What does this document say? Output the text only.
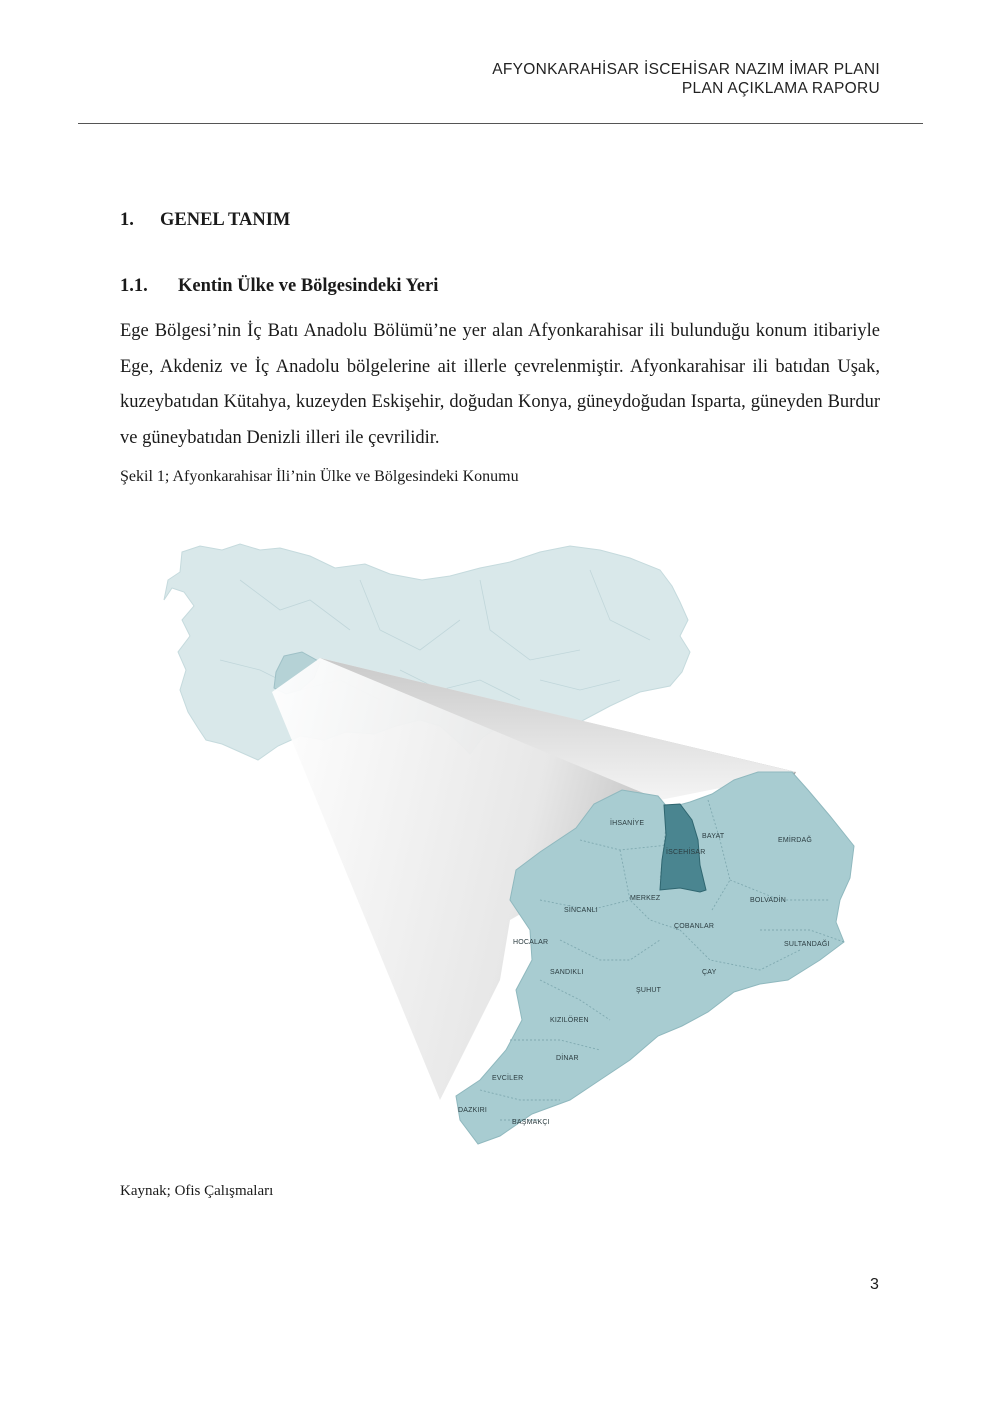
AFYONKARAHİSAR İSCEHİSAR NAZIM İMAR PLANI
PLAN AÇIKLAMA RAPORU
1. GENEL TANIM
1.1. Kentin Ülke ve Bölgesindeki Yeri
Ege Bölgesi’nin İç Batı Anadolu Bölümü’ne yer alan Afyonkarahisar ili bulunduğu konum itibariyle Ege, Akdeniz ve İç Anadolu bölgelerine ait illerle çevrelenmiştir. Afyonkarahisar ili batıdan Uşak, kuzeybatıdan Kütahya, kuzeyden Eskişehir, doğudan Konya, güneydoğudan Isparta, güneyden Burdur ve güneybatıdan Denizli illeri ile çevrilidir.
Şekil 1; Afyonkarahisar İli’nin Ülke ve Bölgesindeki Konumu
İHSANİYE
BAYAT
EMİRDAĞ
İSCEHİSAR
MERKEZ	BOLVADİN
SİNCANLI
ÇOBANLAR
SULTANDAĞI
HOCALAR
SANDIKLI	ÇAY
ŞUHUT
KIZILÖREN
DİNAR
EVCİLER
DAZKIRI
BAŞMAKÇI
Kaynak; Ofis Çalışmaları
3
